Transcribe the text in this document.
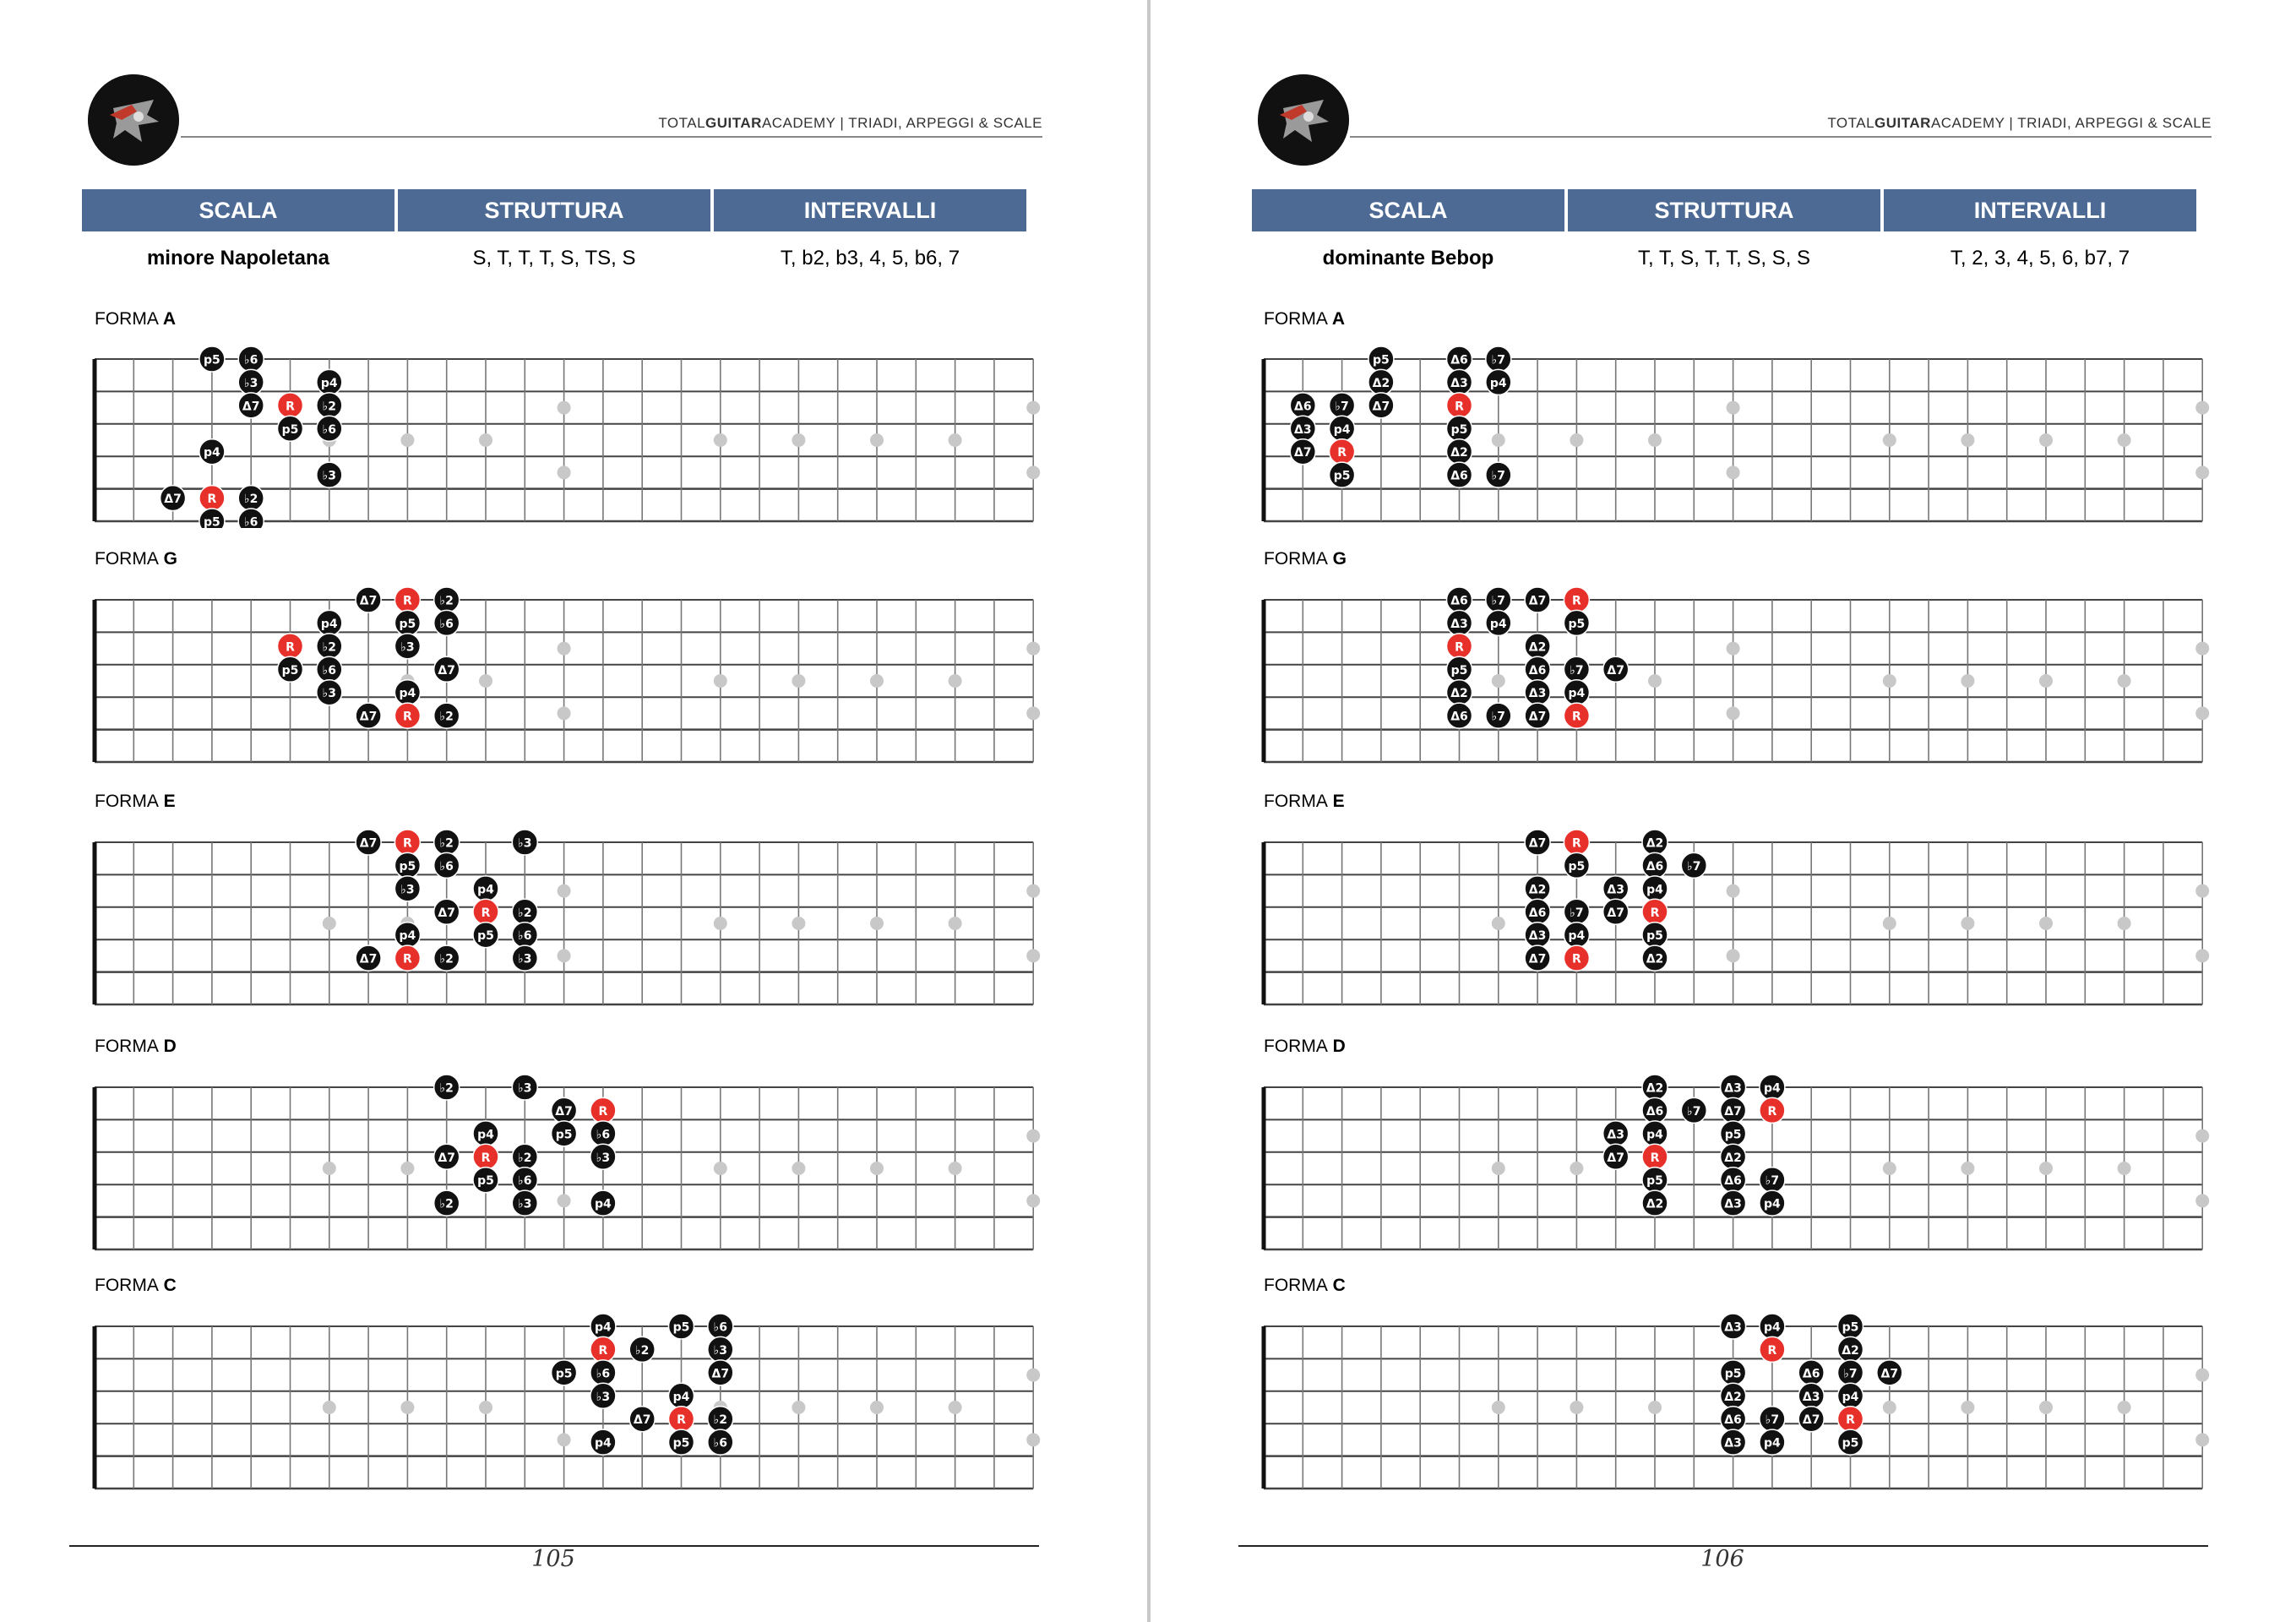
TOTALGUITARACADEMY | TRIADI, ARPEGGI & SCALE
SCALA	STRUTTURA	INTERVALLI
minore Napoletana	S, T, T, T, S, TS, S	T, b2, b3, 4, 5, b6, 7
FORMA A
p5 ♭6
♭3	p4
Δ7 R ♭2
p5 ♭6
p4
♭3
Δ7 R ♭2
p5 ♭6
FORMA G
Δ7 R ♭2
p4	p5 ♭6
R ♭2	♭3
p5 ♭6	Δ7
♭3	p4
Δ7 R ♭2
FORMA E
Δ7 R ♭2	♭3
p5 ♭6
♭3	p4
Δ7 R ♭2
p4	p5 ♭6
Δ7 R ♭2	♭3
FORMA D
♭2	♭3
Δ7 R
p4	p5 ♭6
Δ7 R ♭2	♭3
p5 ♭6
♭2	♭3	p4
FORMA C
p4	p5 ♭6
R ♭2	♭3
p5 ♭6	Δ7
♭3	p4
Δ7 R ♭2
p4	p5 ♭6
105
TOTALGUITARACADEMY | TRIADI, ARPEGGI & SCALE
SCALA	STRUTTURA	INTERVALLI
dominante Bebop	T, T, S, T, T, S, S, S	T, 2, 3, 4, 5, 6, b7, 7
FORMA A
p5	Δ6 ♭7
Δ2	Δ3 p4
Δ6 ♭7 Δ7	R
Δ3 p4	p5
Δ7 R	Δ2
p5	Δ6 ♭7
FORMA G
Δ6 ♭7 Δ7 R
Δ3 p4	p5
R	Δ2
p5	Δ6 ♭7 Δ7
Δ2	Δ3 p4
Δ6 ♭7 Δ7 R
FORMA E
Δ7 R	Δ2
p5	Δ6 ♭7
Δ2	Δ3 p4
Δ6 ♭7 Δ7 R
Δ3 p4	p5
Δ7 R	Δ2
FORMA D
Δ2	Δ3 p4
Δ6 ♭7 Δ7 R
Δ3 p4	p5
Δ7 R	Δ2
p5	Δ6 ♭7
Δ2	Δ3 p4
FORMA C
Δ3 p4	p5
R	Δ2
p5	Δ6 ♭7 Δ7
Δ2	Δ3 p4
Δ6 ♭7 Δ7 R
Δ3 p4	p5
106
